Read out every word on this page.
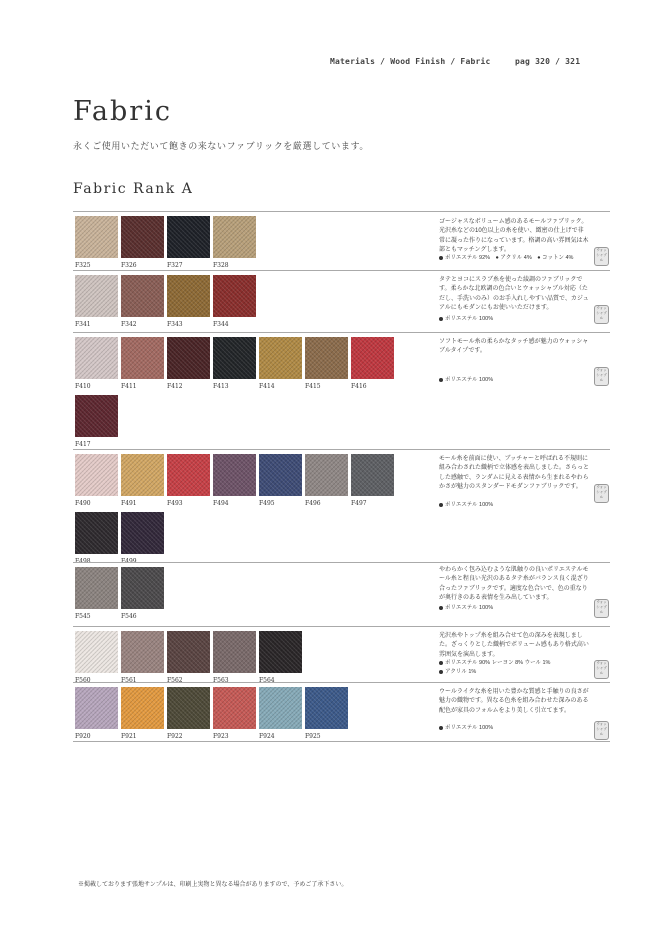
Materials / Wood Finish / Fabric	pag 320 / 321
Fabric
永くご使用いただいて飽きの来ないファブリックを厳選しています。
Fabric Rank A
F325	F326	F327	F328
ゴージャスなボリューム感のあるモールファブリック。光沢糸などの10色以上の糸を使い、緻密の仕上げで非常に凝った作りになっています。格調の高い雰囲気は木部ともマッチングします。
ポリエステル 92%　● アクリル 4%　● コットン 4%
ウォッシャブル
F341	F342	F343	F344
タテとヨコにスラブ糸を使った綾調のファブリックです。柔らかな北欧調の色合いとウォッシャブル対応（ただし、手洗いのみ）のお手入れしやすい品質で、カジュアルにもモダンにもお使いいただけます。
ポリエステル 100%
ウォッシャブル
F410	F411	F412	F413	F414	F415	F416
F417
ソフトモール糸の柔らかなタッチ感が魅力のウォッシャブルタイプです。
ポリエステル 100%
ウォッシャブル
F490	F491	F493	F494	F495	F496	F497
F498	F499
モール糸を前面に使い、ブッチャーと呼ばれる不規則に組み合わされた織柄で立体感を表出しました。さらっとした感触で、ランダムに見える表情から生まれるやわらかさが魅力のスタンダードモダンファブリックです。
ポリエステル 100%
ウォッシャブル
F545	F546
やわらかく包み込むような肌触りの良いポリエステルモール糸と程良い光沢のあるタテ糸がバランス良く混ざり合ったファブリックです。適度な色合いで、色の重なりが奥行きのある表情を生み出しています。
ポリエステル 100%
ウォッシャブル
F560	F561	F562	F563	F564
光沢糸やトップ糸を組み合せて色の深みを表現しました。ざっくりとした織柄でボリューム感もあり格式高い雰囲気を演出します。
ポリエステル 90% レーヨン 8% ウール 1%
アクリル 1%
ウォッシャブル
F920	F921	F922	F923	F924	F925
ウールライクな糸を用いた豊かな質感と手触りの良さが魅力の織物です。異なる色糸を組み合わせた深みのある配色が家具のフォルムをより美しく引立てます。
ポリエステル 100%
ウォッシャブル
※掲載しております張地サンプルは、印刷上実物と異なる場合がありますので、予めご了承下さい。
